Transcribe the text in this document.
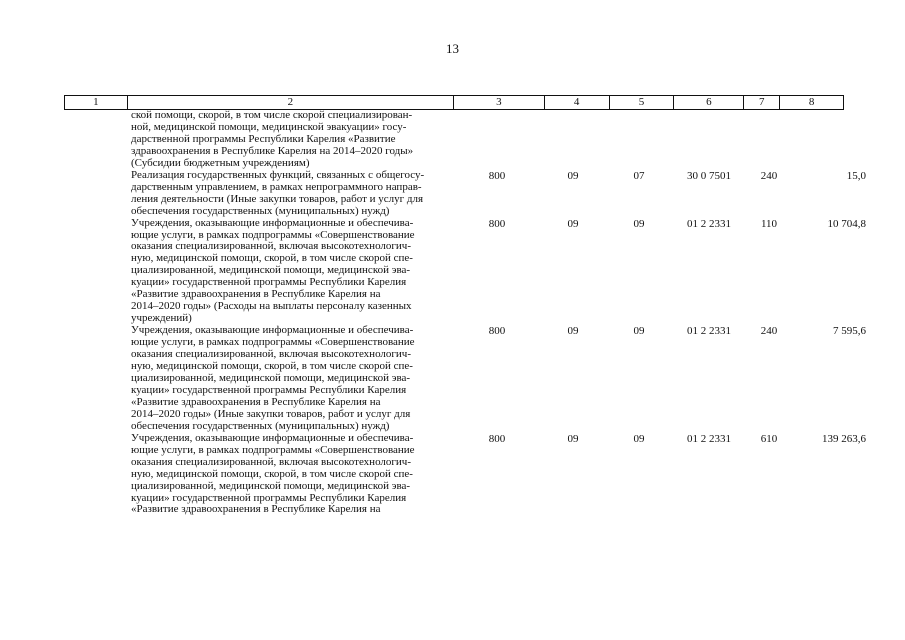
13
1	2	3	4	5	6	7	8
ской помощи, скорой, в том числе скорой специализирован-
ной, медицинской помощи, медицинской эвакуации» госу-
дарственной программы Республики Карелия «Развитие
здравоохранения в Республике Карелия на 2014–2020 годы»
(Субсидии бюджетным учреждениям)
Реализация государственных функций, связанных с общегосу-
дарственным управлением, в рамках непрограммного направ-
ления деятельности (Иные закупки товаров, работ и услуг для
обеспечения государственных (муниципальных) нужд)
800	09	07	30 0 7501	240	15,0
Учреждения, оказывающие информационные и обеспечива-
ющие услуги, в рамках подпрограммы «Совершенствование
оказания специализированной, включая высокотехнологич-
ную, медицинской помощи, скорой, в том числе скорой спе-
циализированной, медицинской помощи, медицинской эва-
куации» государственной программы Республики Карелия
«Развитие здравоохранения в Республике Карелия на
2014–2020 годы» (Расходы на выплаты персоналу казенных
учреждений)
800	09	09	01 2 2331	110	10 704,8
Учреждения, оказывающие информационные и обеспечива-
ющие услуги, в рамках подпрограммы «Совершенствование
оказания специализированной, включая высокотехнологич-
ную, медицинской помощи, скорой, в том числе скорой спе-
циализированной, медицинской помощи, медицинской эва-
куации» государственной программы Республики Карелия
«Развитие здравоохранения в Республике Карелия на
2014–2020 годы» (Иные закупки товаров, работ и услуг для
обеспечения государственных (муниципальных) нужд)
800	09	09	01 2 2331	240	7 595,6
Учреждения, оказывающие информационные и обеспечива-
ющие услуги, в рамках подпрограммы «Совершенствование
оказания специализированной, включая высокотехнологич-
ную, медицинской помощи, скорой, в том числе скорой спе-
циализированной, медицинской помощи, медицинской эва-
куации» государственной программы Республики Карелия
«Развитие здравоохранения в Республике Карелия на
800	09	09	01 2 2331	610	139 263,6
